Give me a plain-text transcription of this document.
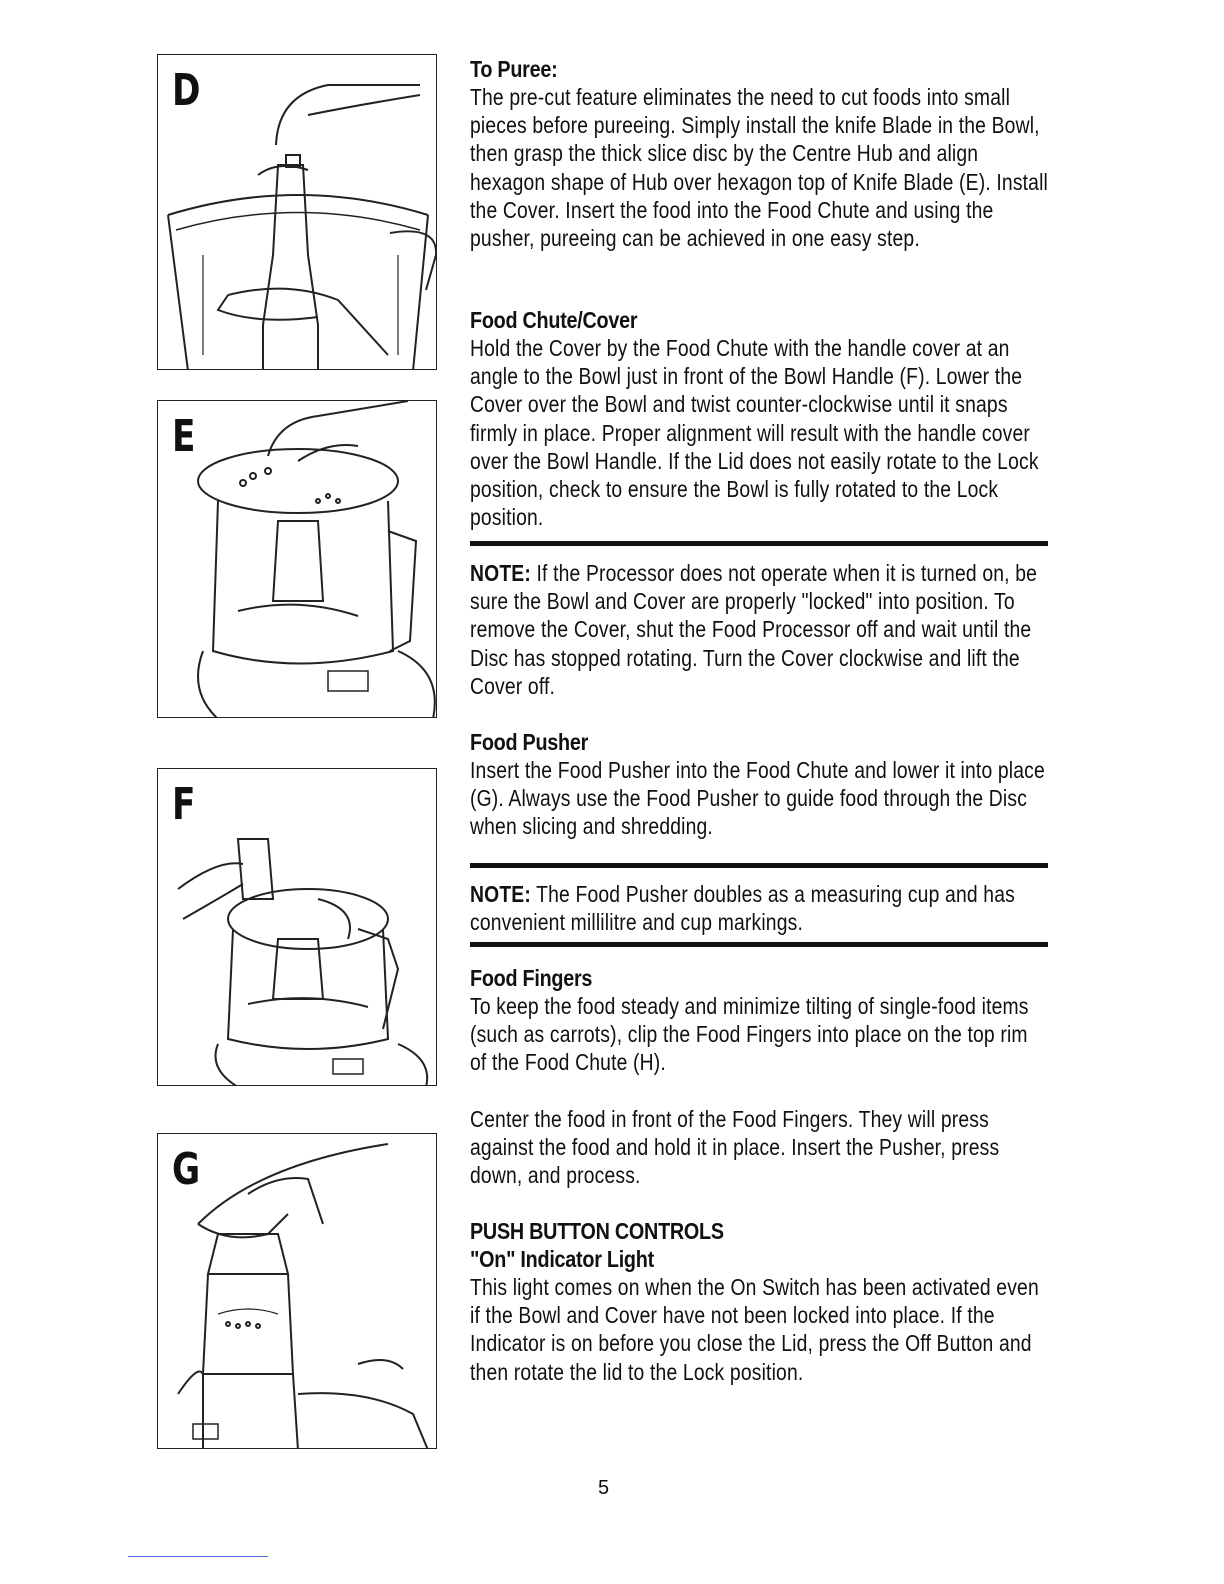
D
E
F
G
To Puree:

The pre-cut feature eliminates the need to cut foods into small pieces before pureeing. Simply install the knife Blade in the Bowl, then grasp the thick slice disc by the Centre Hub and align hexagon shape of Hub over hexagon top of Knife Blade (E). Install the Cover. Insert the food into the Food Chute and using the pusher, pureeing can be achieved in one easy step.

Food Chute/Cover

Hold the Cover by the Food Chute with the handle cover at an angle to the Bowl just in front of the Bowl Handle (F). Lower the Cover over the Bowl and twist counter-clockwise until it snaps firmly in place. Proper alignment will result with the handle cover over the Bowl Handle. If the Lid does not easily rotate to the Lock position, check to ensure the Bowl is fully rotated to the Lock position.

NOTE: If the Processor does not operate when it is turned on, be sure the Bowl and Cover are properly "locked" into position. To remove the Cover, shut the Food Processor off and wait until the Disc has stopped rotating. Turn the Cover clockwise and lift the Cover off.

Food Pusher

Insert the Food Pusher into the Food Chute and lower it into place (G). Always use the Food Pusher to guide food through the Disc when slicing and shredding.

NOTE: The Food Pusher doubles as a measuring cup and has convenient millilitre and cup markings.

Food Fingers

To keep the food steady and minimize tilting of single-food items (such as carrots), clip the Food Fingers into place on the top rim of the Food Chute (H).

Center the food in front of the Food Fingers. They will press against the food and hold it in place. Insert the Pusher, press down, and process.

PUSH BUTTON CONTROLS
"On" Indicator Light

This light comes on when the On Switch has been activated even if the Bowl and Cover have not been locked into place. If the Indicator is on before you close the Lid, press the Off Button and then rotate the lid to the Lock position.

5
